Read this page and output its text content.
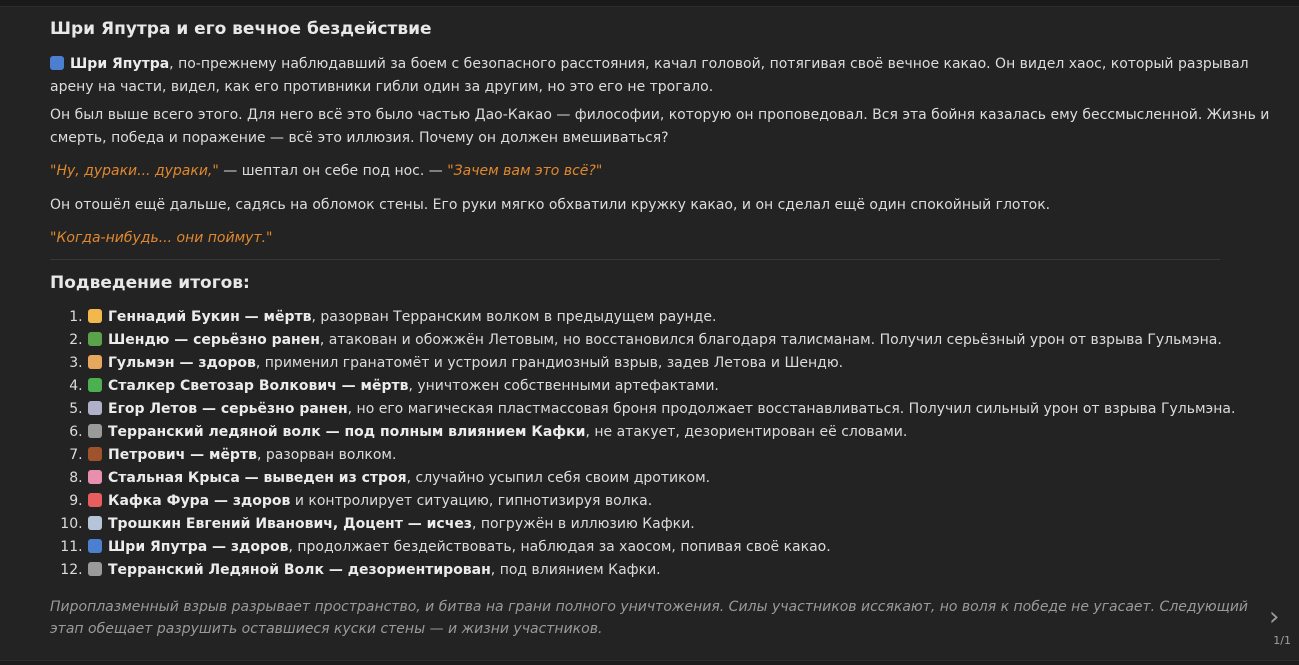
Шри Япутра и его вечное бездействие

Шри Япутра, по-прежнему наблюдавший за боем с безопасного расстояния, качал головой, потягивая своё вечное какао. Он видел хаос, который разрывал арену на части, видел, как его противники гибли один за другим, но это его не трогало.

Он был выше всего этого. Для него всё это было частью Дао-Какао — философии, которую он проповедовал. Вся эта бойня казалась ему бессмысленной. Жизнь и смерть, победа и поражение — всё это иллюзия. Почему он должен вмешиваться?

"Ну, дураки... дураки," — шептал он себе под нос. — "Зачем вам это всё?"

Он отошёл ещё дальше, садясь на обломок стены. Его руки мягко обхватили кружку какао, и он сделал ещё один спокойный глоток.

"Когда-нибудь... они поймут."

Подведение итогов:
1. Геннадий Букин — мёртв, разорван Терранским волком в предыдущем раунде.
2. Шендю — серьёзно ранен, атакован и обожжён Летовым, но восстановился благодаря талисманам. Получил серьёзный урон от взрыва Гульмэна.
3. Гульмэн — здоров, применил гранатомёт и устроил грандиозный взрыв, задев Летова и Шендю.
4. Сталкер Светозар Волкович — мёртв, уничтожен собственными артефактами.
5. Егор Летов — серьёзно ранен, но его магическая пластмассовая броня продолжает восстанавливаться. Получил сильный урон от взрыва Гульмэна.
6. Терранский ледяной волк — под полным влиянием Кафки, не атакует, дезориентирован её словами.
7. Петрович — мёртв, разорван волком.
8. Стальная Крыса — выведен из строя, случайно усыпил себя своим дротиком.
9. Кафка Фура — здоров и контролирует ситуацию, гипнотизируя волка.
10. Трошкин Евгений Иванович, Доцент — исчез, погружён в иллюзию Кафки.
11. Шри Япутра — здоров, продолжает бездействовать, наблюдая за хаосом, попивая своё какао.
12. Терранский Ледяной Волк — дезориентирован, под влиянием Кафки.
Пироплазменный взрыв разрывает пространство, и битва на грани полного уничтожения. Силы участников иссякают, но воля к победе не угасает. Следующий этап обещает разрушить оставшиеся куски стены — и жизни участников.	›
1/1
